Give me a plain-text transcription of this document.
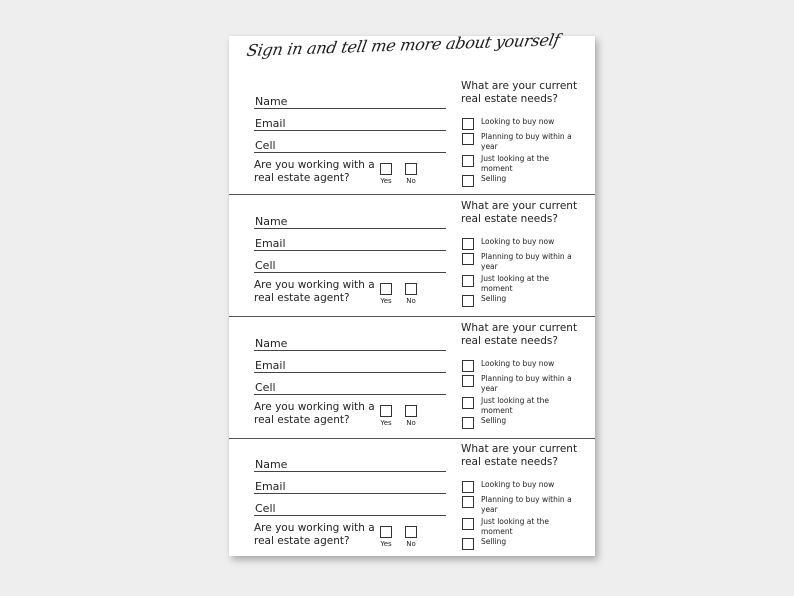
Sign in and tell me more about yourself
Name
Email
Cell
Are you working with a real estate agent?	Yes	No
What are your current real estate needs?
Looking to buy now
Planning to buy within a year
Just looking at the moment
Selling
Name
Email
Cell
Are you working with a real estate agent?	Yes	No
What are your current real estate needs?
Looking to buy now
Planning to buy within a year
Just looking at the moment
Selling
Name
Email
Cell
Are you working with a real estate agent?	Yes	No
What are your current real estate needs?
Looking to buy now
Planning to buy within a year
Just looking at the moment
Selling
Name
Email
Cell
Are you working with a real estate agent?	Yes	No
What are your current real estate needs?
Looking to buy now
Planning to buy within a year
Just looking at the moment
Selling
